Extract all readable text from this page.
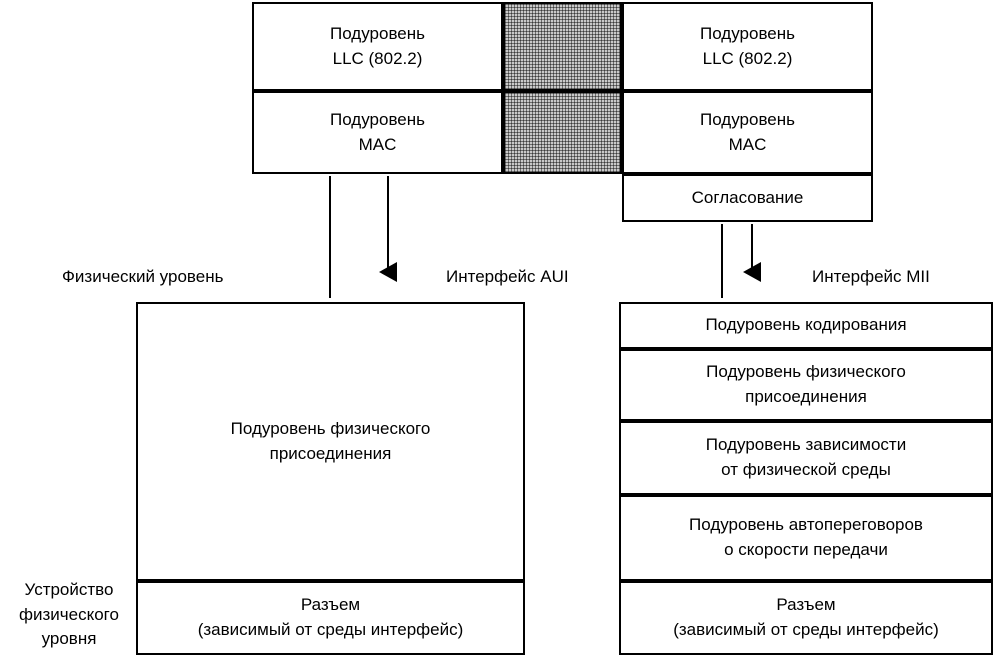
Подуровень
LLC (802.2)
Подуровень
MAC
Подуровень
LLC (802.2)
Подуровень
MAC
Согласование
Подуровень физического
присоединения
Разъем
(зависимый от среды интерфейс)
Подуровень кодирования
Подуровень физического
присоединения
Подуровень зависимости
от физической среды
Подуровень автопереговоров
о скорости передачи
Разъем
(зависимый от среды интерфейс)
Физический уровень	Интерфейс AUI	Интерфейс MII
Устройство физического уровня
